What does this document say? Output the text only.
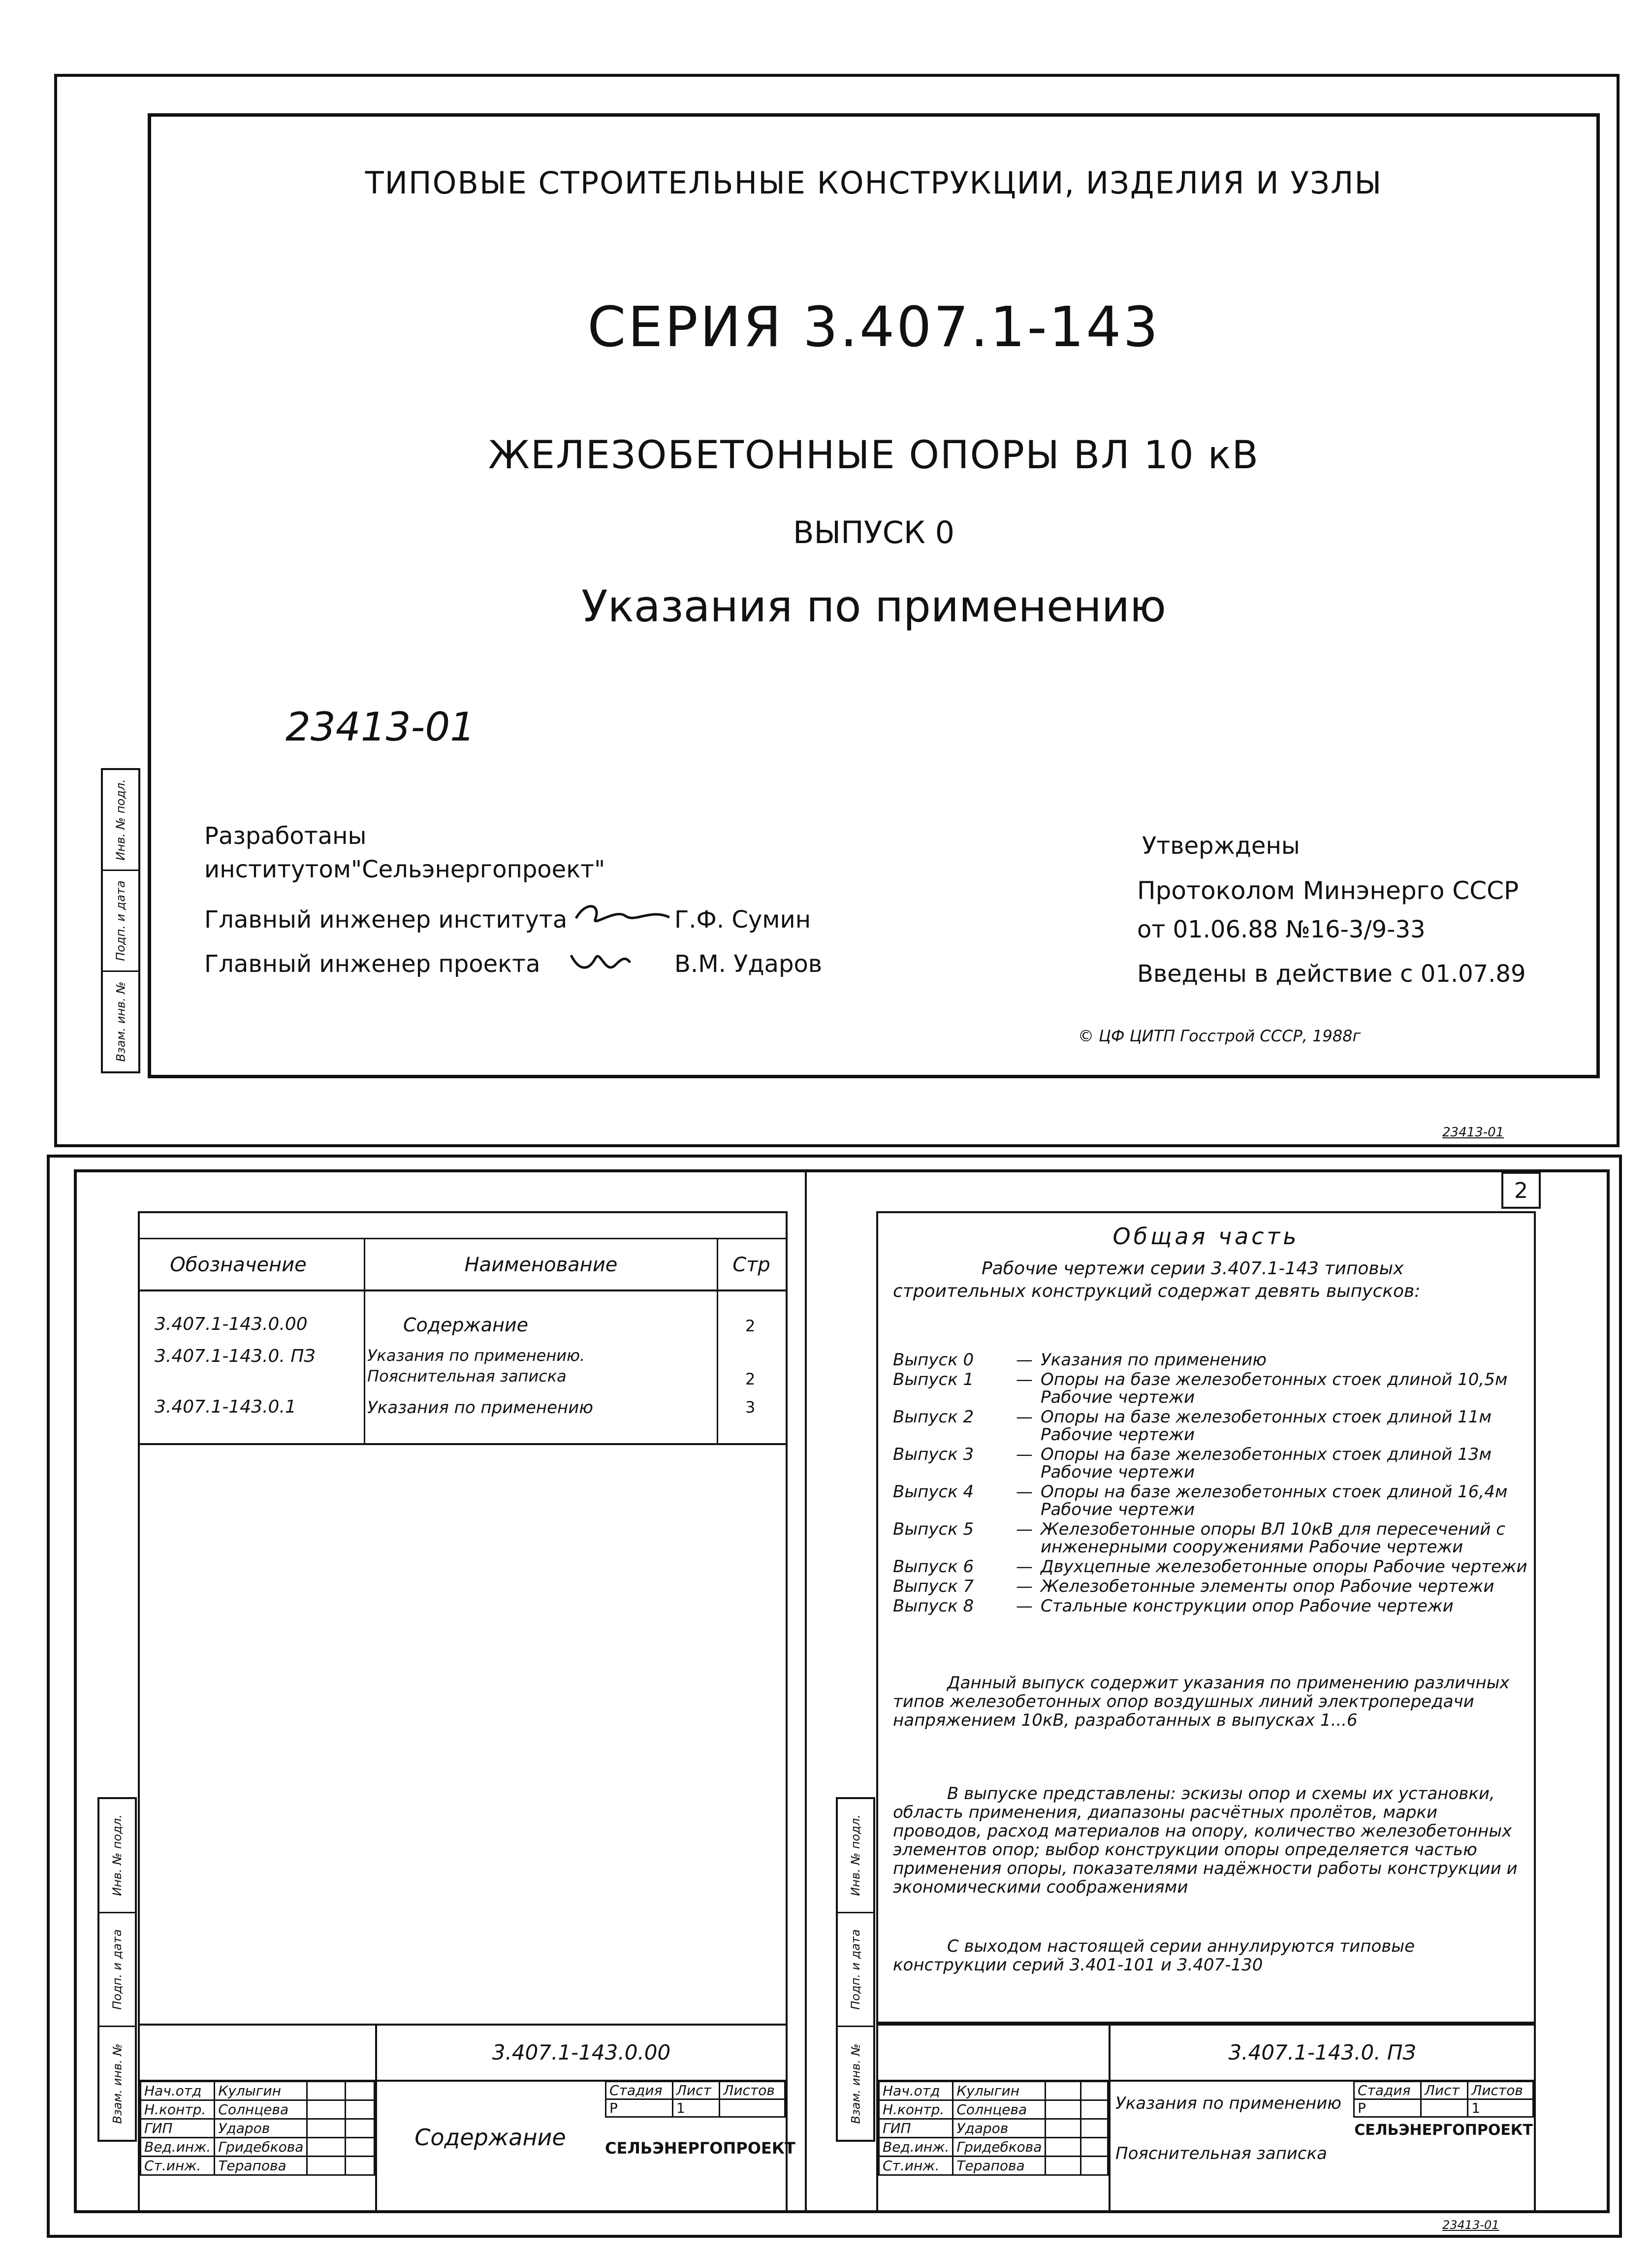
ТИПОВЫЕ СТРОИТЕЛЬНЫЕ КОНСТРУКЦИИ, ИЗДЕЛИЯ И УЗЛЫ
СЕРИЯ 3.407.1-143
ЖЕЛЕЗОБЕТОННЫЕ ОПОРЫ ВЛ 10 кВ
ВЫПУСК 0
Указания по применению
23413-01
Инв. № подл.
Подп. и дата
Взам. инв. №
Разработаны
институтом"Сельэнергопроект"
Главный инженер института	Г.Ф. Сумин
Главный инженер проекта	В.М. Ударов
Утверждены
Протоколом Минэнерго СССР
от 01.06.88 №16-3/9-33
Введены в действие с 01.07.89
© ЦФ ЦИТП Госстрой СССР, 1988г
23413-01
2
Обозначение	Наименование	Стр
3.407.1-143.0.00	Содержание	2
3.407.1-143.0. ПЗ	Указания по применению. Пояснительная записка	2
3.407.1-143.0.1	Указания по применению	3
Инв. № подл.
Подп. и дата
Взам. инв. №	3.407.1-143.0.00
Содержание
Стадия	Лист	Листов
Р	1	
СЕЛЬЭНЕРГОПРОЕКТ
Нач.отд	Кулыгин		
Н.контр.	Солнцева		
ГИП	Ударов		
Вед.инж.	Гридебкова		
Ст.инж.	Терапова		
Общая часть
Рабочие чертежи серии 3.407.1-143 типовых строительных конструкций содержат девять выпусков:
Выпуск 0	— Указания по применению
Выпуск 1	— Опоры на базе железобетонных стоек длиной 10,5м Рабочие чертежи
Выпуск 2	— Опоры на базе железобетонных стоек длиной 11м Рабочие чертежи
Выпуск 3	— Опоры на базе железобетонных стоек длиной 13м Рабочие чертежи
Выпуск 4	— Опоры на базе железобетонных стоек длиной 16,4м Рабочие чертежи
Выпуск 5	— Железобетонные опоры ВЛ 10кВ для пересечений с инженерными сооружениями Рабочие чертежи
Выпуск 6	— Двухцепные железобетонные опоры Рабочие чертежи
Выпуск 7	— Железобетонные элементы опор Рабочие чертежи
Выпуск 8	— Стальные конструкции опор Рабочие чертежи
Данный выпуск содержит указания по применению различных типов железобетонных опор воздушных линий электропередачи напряжением 10кВ, разработанных в выпусках 1...6
В выпуске представлены: эскизы опор и схемы их установки, область применения, диапазоны расчётных пролётов, марки проводов, расход материалов на опору, количество железобетонных элементов опор; выбор конструкции опоры определяется частью применения опоры, показателями надёжности работы конструкции и экономическими соображениями
С выходом настоящей серии аннулируются типовые конструкции серий 3.401-101 и 3.407-130
Инв. № подл.
Подп. и дата
Взам. инв. №	3.407.1-143.0. ПЗ
Указания по применению
Пояснительная записка
Стадия	Лист	Листов
Р		1
СЕЛЬЭНЕРГОПРОЕКТ
Нач.отд	Кулыгин		
Н.контр.	Солнцева		
ГИП	Ударов		
Вед.инж.	Гридебкова		
Ст.инж.	Терапова		
23413-01
